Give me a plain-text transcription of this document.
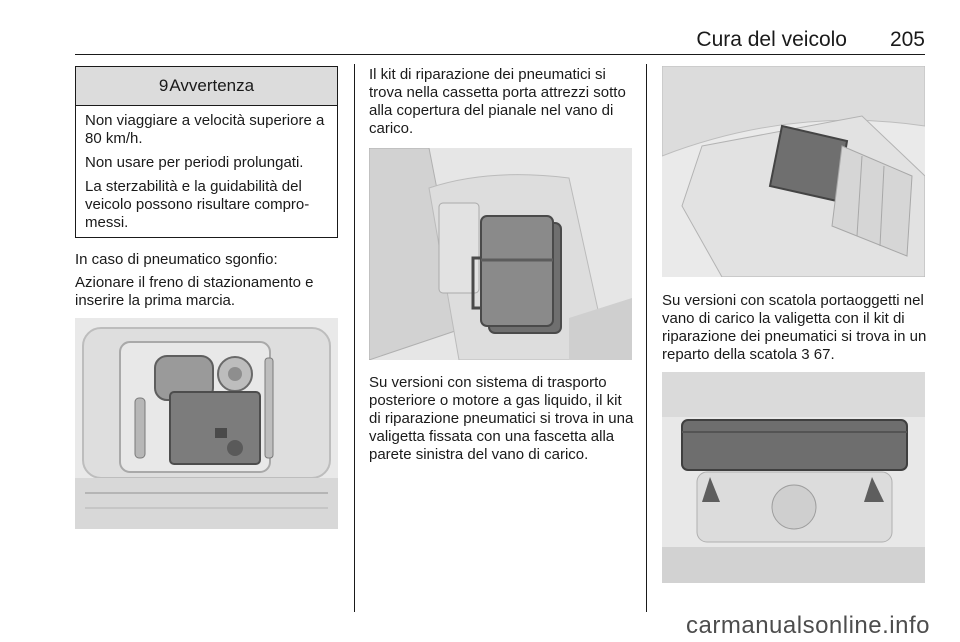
Cura del veicolo 205
9 Avvertenza

Non viaggiare a velocità superiore a 80 km/h.

Non usare per periodi prolungati.

La sterzabilità e la guidabilità del veicolo possono risultare compro-messi.

In caso di pneumatico sgonfio:

Azionare il freno di stazionamento e inserire la prima marcia.

Il kit di riparazione dei pneumatici si trova nella cassetta porta attrezzi sotto alla copertura del pianale nel vano di carico.

Su versioni con sistema di trasporto posteriore o motore a gas liquido, il kit di riparazione pneumatici si trova in una valigetta fissata con una fascetta alla parete sinistra del vano di carico.

Su versioni con scatola portaoggetti nel vano di carico la valigetta con il kit di riparazione dei pneumatici si trova in un reparto della scatola 3 67.

carmanualsonline.info
